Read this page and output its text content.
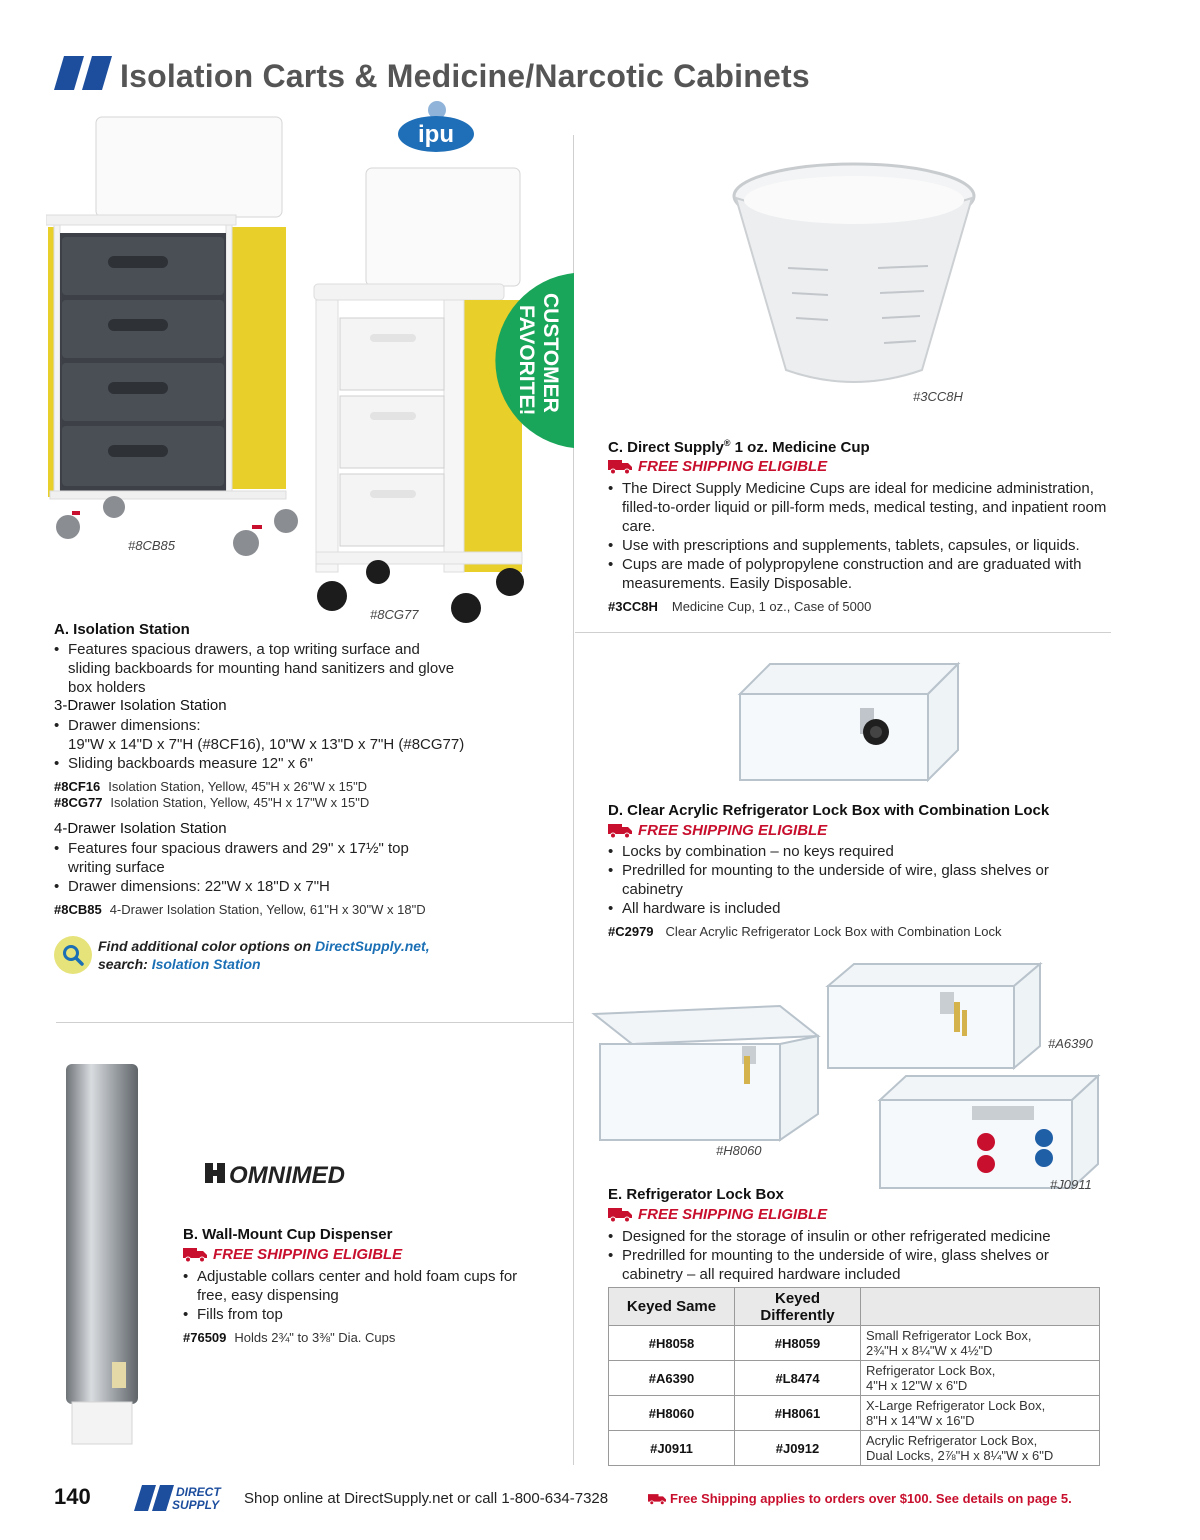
Isolation Carts & Medicine/Narcotic Cabinets
ipu
#8CB85
#8CG77
CUSTOMER
FAVORITE!
A. Isolation Station
• Features spacious drawers, a top writing surface and sliding backboards for mounting hand sanitizers and glove box holders
3-Drawer Isolation Station
• Drawer dimensions:
19"W x 14"D x 7"H (#8CF16), 10"W x 13"D x 7"H (#8CG77)
• Sliding backboards measure 12" x 6"
#8CF16 Isolation Station, Yellow, 45"H x 26"W x 15"D
#8CG77 Isolation Station, Yellow, 45"H x 17"W x 15"D
4-Drawer Isolation Station
• Features four spacious drawers and 29" x 17½" top writing surface
• Drawer dimensions: 22"W x 18"D x 7"H
#8CB85 4-Drawer Isolation Station, Yellow, 61"H x 30"W x 18"D
Find additional color options on DirectSupply.net,
search: Isolation Station
OMNIMED
B. Wall-Mount Cup Dispenser
FREE SHIPPING ELIGIBLE
• Adjustable collars center and hold foam cups for free, easy dispensing
• Fills from top
#76509 Holds 2¾" to 3⅜" Dia. Cups
#3CC8H
C. Direct Supply® 1 oz. Medicine Cup
FREE SHIPPING ELIGIBLE
• The Direct Supply Medicine Cups are ideal for medicine administration, filled-to-order liquid or pill-form meds, medical testing, and inpatient room care.
• Use with prescriptions and supplements, tablets, capsules, or liquids.
• Cups are made of polypropylene construction and are graduated with measurements. Easily Disposable.
#3CC8H Medicine Cup, 1 oz., Case of 5000
D. Clear Acrylic Refrigerator Lock Box with Combination Lock
FREE SHIPPING ELIGIBLE
• Locks by combination – no keys required
• Predrilled for mounting to the underside of wire, glass shelves or cabinetry
• All hardware is included
#C2979 Clear Acrylic Refrigerator Lock Box with Combination Lock
#H8060
#A6390
#J0911
E. Refrigerator Lock Box
FREE SHIPPING ELIGIBLE
• Designed for the storage of insulin or other refrigerated medicine
• Predrilled for mounting to the underside of wire, glass shelves or cabinetry – all required hardware included
Keyed Same	Keyed Differently	
#H8058	#H8059	Small Refrigerator Lock Box,
2¾"H x 8¼"W x 4½"D

#A6390	#L8474	Refrigerator Lock Box,
4"H x 12"W x 6"D

#H8060	#H8061	X-Large Refrigerator Lock Box,
8"H x 14"W x 16"D

#J0911	#J0912	Acrylic Refrigerator Lock Box,
Dual Locks, 2⅞"H x 8¼"W x 6"D
140	DIRECT
SUPPLY Shop online at DirectSupply.net or call 1-800-634-7328	Free Shipping applies to orders over $100. See details on page 5.
